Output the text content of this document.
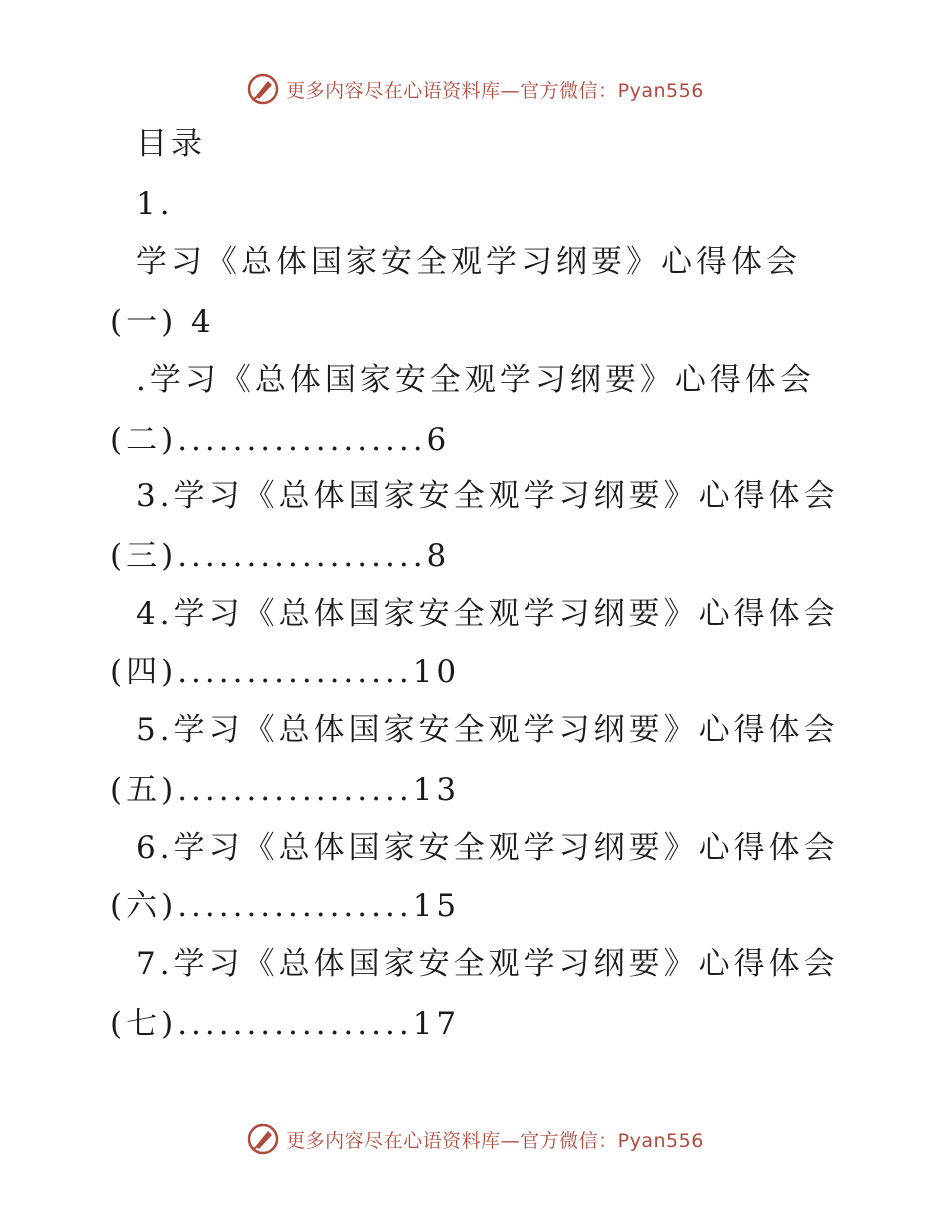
更多内容尽在心语资料库—官方微信：Pyan556
目录
1.
学习《总体国家安全观学习纲要》心得体会
(一) 4
.学习《总体国家安全观学习纲要》心得体会
(二)..................6
3.学习《总体国家安全观学习纲要》心得体会
(三)..................8
4.学习《总体国家安全观学习纲要》心得体会
(四).................10
5.学习《总体国家安全观学习纲要》心得体会
(五).................13
6.学习《总体国家安全观学习纲要》心得体会
(六).................15
7.学习《总体国家安全观学习纲要》心得体会
(七).................17
更多内容尽在心语资料库—官方微信：Pyan556
